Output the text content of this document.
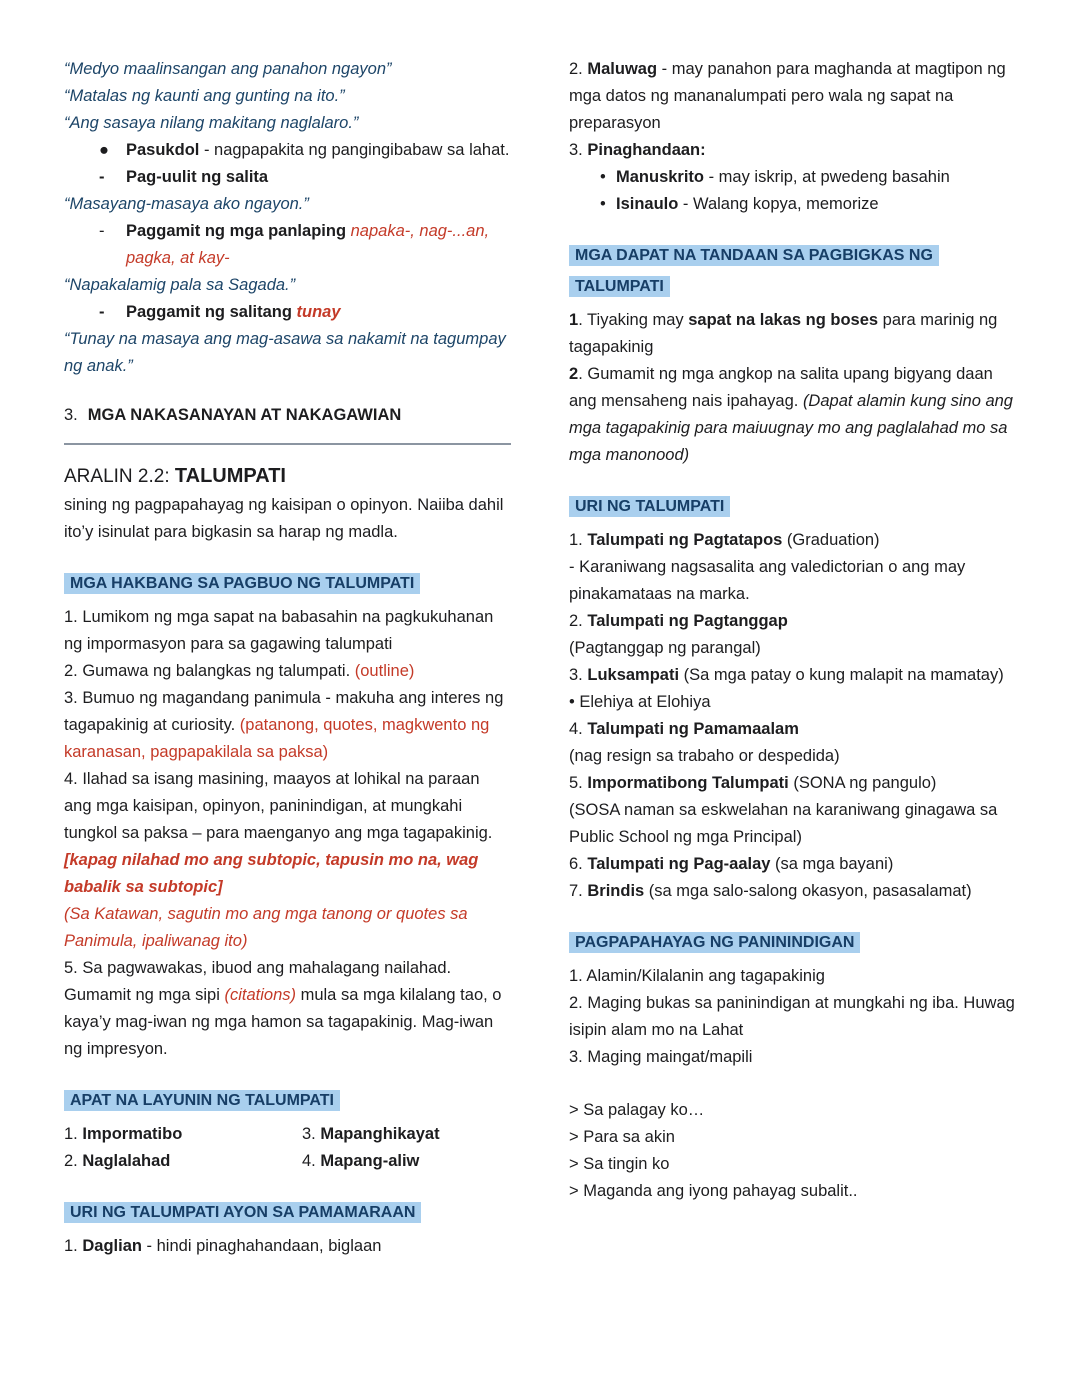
“Medyo maalinsangan ang panahon ngayon”

“Matalas ng kaunti ang gunting na ito.”

“Ang sasaya nilang makitang naglalaro.”

● Pasukdol - nagpapakita ng pangingibabaw sa lahat.
- Pag-uulit ng salita

“Masayang-masaya ako ngayon.”

- Paggamit ng mga panlaping napaka-, nag-...an, pagka, at kay-

“Napakalamig pala sa Sagada.”

- Paggamit ng salitang tunay

“Tunay na masaya ang mag-asawa sa nakamit na tagumpay ng anak.”

3. MGA NAKASANAYAN AT NAKAGAWIAN

ARALIN 2.2: TALUMPATI

sining ng pagpapahayag ng kaisipan o opinyon. Naiiba dahil ito’y isinulat para bigkasin sa harap ng madla.

MGA HAKBANG SA PAGBUO NG TALUMPATI

1. Lumikom ng mga sapat na babasahin na pagkukuhanan ng impormasyon para sa gagawing talumpati

2. Gumawa ng balangkas ng talumpati. (outline)

3. Bumuo ng magandang panimula - makuha ang interes ng tagapakinig at curiosity. (patanong, quotes, magkwento ng karanasan, pagpapakilala sa paksa)

4. Ilahad sa isang masining, maayos at lohikal na paraan ang mga kaisipan, opinyon, paninindigan, at mungkahi tungkol sa paksa – para maenganyo ang mga tagapakinig. [kapag nilahad mo ang subtopic, tapusin mo na, wag babalik sa subtopic]
(Sa Katawan, sagutin mo ang mga tanong or quotes sa Panimula, ipaliwanag ito)

5. Sa pagwawakas, ibuod ang mahalagang nailahad. Gumamit ng mga sipi (citations) mula sa mga kilalang tao, o kaya’y mag-iwan ng mga hamon sa tagapakinig. Mag-iwan ng impresyon.

APAT NA LAYUNIN NG TALUMPATI

1. Impormatibo	3. Mapanghikayat

2. Naglalahad	4. Mapang-aliw

URI NG TALUMPATI AYON SA PAMAMARAAN

1. Daglian - hindi pinaghahandaan, biglaan

2. Maluwag - may panahon para maghanda at magtipon ng mga datos ng mananalumpati pero wala ng sapat na preparasyon

3. Pinaghandaan:

• Manuskrito - may iskrip, at pwedeng basahin
• Isinaulo - Walang kopya, memorize

MGA DAPAT NA TANDAAN SA PAGBIGKAS NG
TALUMPATI

1. Tiyaking may sapat na lakas ng boses para marinig ng tagapakinig

2. Gumamit ng mga angkop na salita upang bigyang daan ang mensaheng nais ipahayag. (Dapat alamin kung sino ang mga tagapakinig para maiuugnay mo ang paglalahad mo sa mga manonood)

URI NG TALUMPATI

1. Talumpati ng Pagtatapos (Graduation)

- Karaniwang nagsasalita ang valedictorian o ang may pinakamataas na marka.

2. Talumpati ng Pagtanggap

(Pagtanggap ng parangal)

3. Luksampati (Sa mga patay o kung malapit na mamatay)

• Elehiya at Elohiya

4. Talumpati ng Pamamaalam

(nag resign sa trabaho or despedida)

5. Impormatibong Talumpati (SONA ng pangulo)

(SOSA naman sa eskwelahan na karaniwang ginagawa sa Public School ng mga Principal)

6. Talumpati ng Pag-aalay (sa mga bayani)

7. Brindis (sa mga salo-salong okasyon, pasasalamat)

PAGPAPAHAYAG NG PANININDIGAN

1. Alamin/Kilalanin ang tagapakinig

2. Maging bukas sa paninindigan at mungkahi ng iba. Huwag isipin alam mo na Lahat

3. Maging maingat/mapili

> Sa palagay ko…

> Para sa akin

> Sa tingin ko

> Maganda ang iyong pahayag subalit..
